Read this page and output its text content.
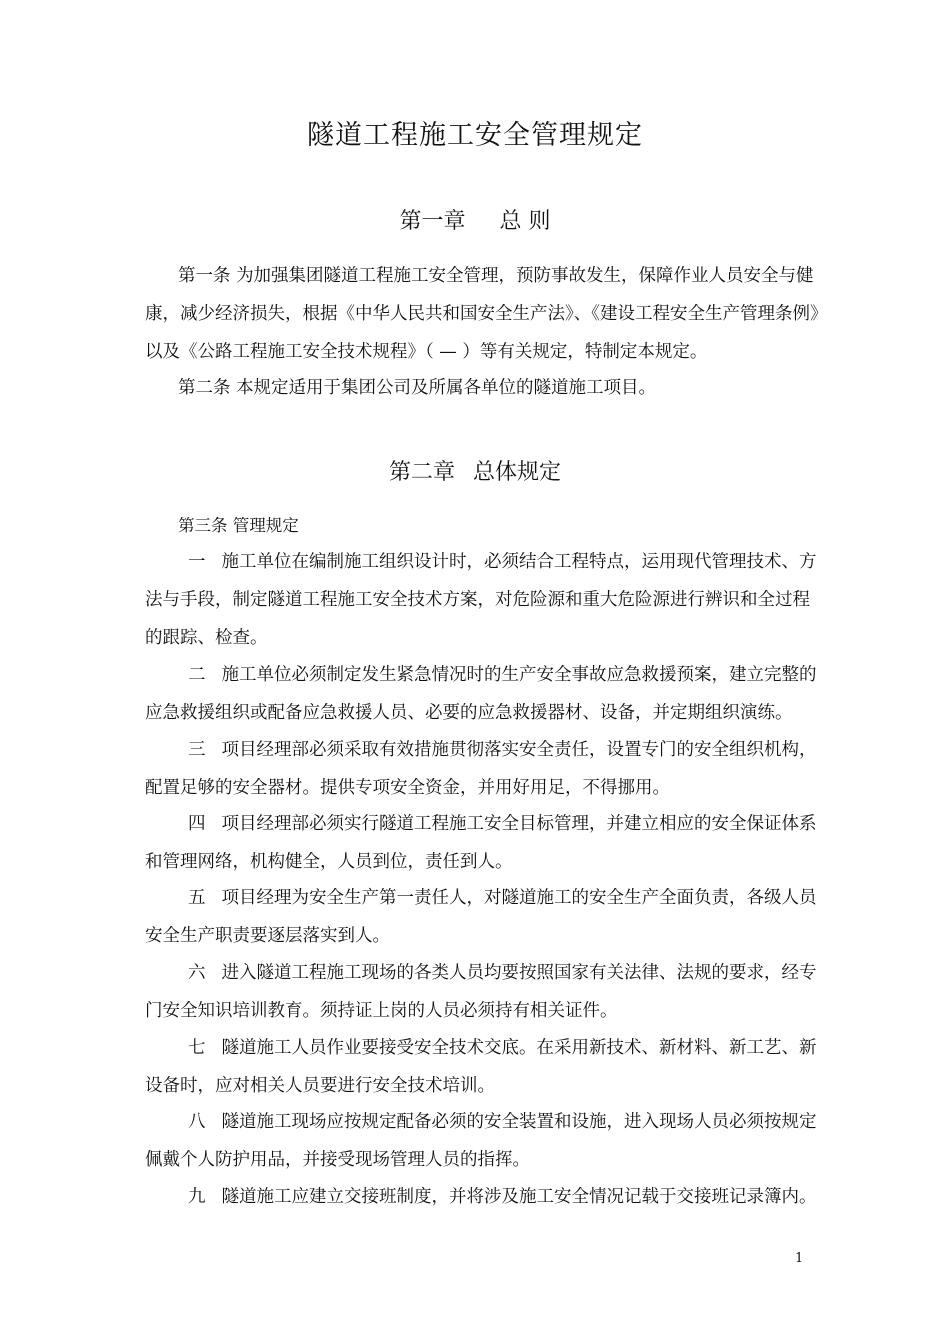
隧道工程施工安全管理规定
第一章 总 则
第一条 为加强集团隧道工程施工安全管理，预防事故发生，保障作业人员安全与健
康，减少经济损失，根据《中华人民共和国安全生产法》、《建设工程安全生产管理条例》
以及《公路工程施工安全技术规程》（ — ）等有关规定，特制定本规定。
第二条 本规定适用于集团公司及所属各单位的隧道施工项目。
第二章 总体规定
第三条 管理规定
一 施工单位在编制施工组织设计时，必须结合工程特点，运用现代管理技术、方
法与手段，制定隧道工程施工安全技术方案，对危险源和重大危险源进行辨识和全过程
的跟踪、检查。
二 施工单位必须制定发生紧急情况时的生产安全事故应急救援预案，建立完整的
应急救援组织或配备应急救援人员、必要的应急救援器材、设备，并定期组织演练。
三 项目经理部必须采取有效措施贯彻落实安全责任，设置专门的安全组织机构，
配置足够的安全器材。提供专项安全资金，并用好用足，不得挪用。
四 项目经理部必须实行隧道工程施工安全目标管理，并建立相应的安全保证体系
和管理网络，机构健全，人员到位，责任到人。
五 项目经理为安全生产第一责任人，对隧道施工的安全生产全面负责，各级人员
安全生产职责要逐层落实到人。
六 进入隧道工程施工现场的各类人员均要按照国家有关法律、法规的要求，经专
门安全知识培训教育。须持证上岗的人员必须持有相关证件。
七 隧道施工人员作业要接受安全技术交底。在采用新技术、新材料、新工艺、新
设备时，应对相关人员要进行安全技术培训。
八 隧道施工现场应按规定配备必须的安全装置和设施，进入现场人员必须按规定
佩戴个人防护用品，并接受现场管理人员的指挥。
九 隧道施工应建立交接班制度，并将涉及施工安全情况记载于交接班记录簿内。
1
